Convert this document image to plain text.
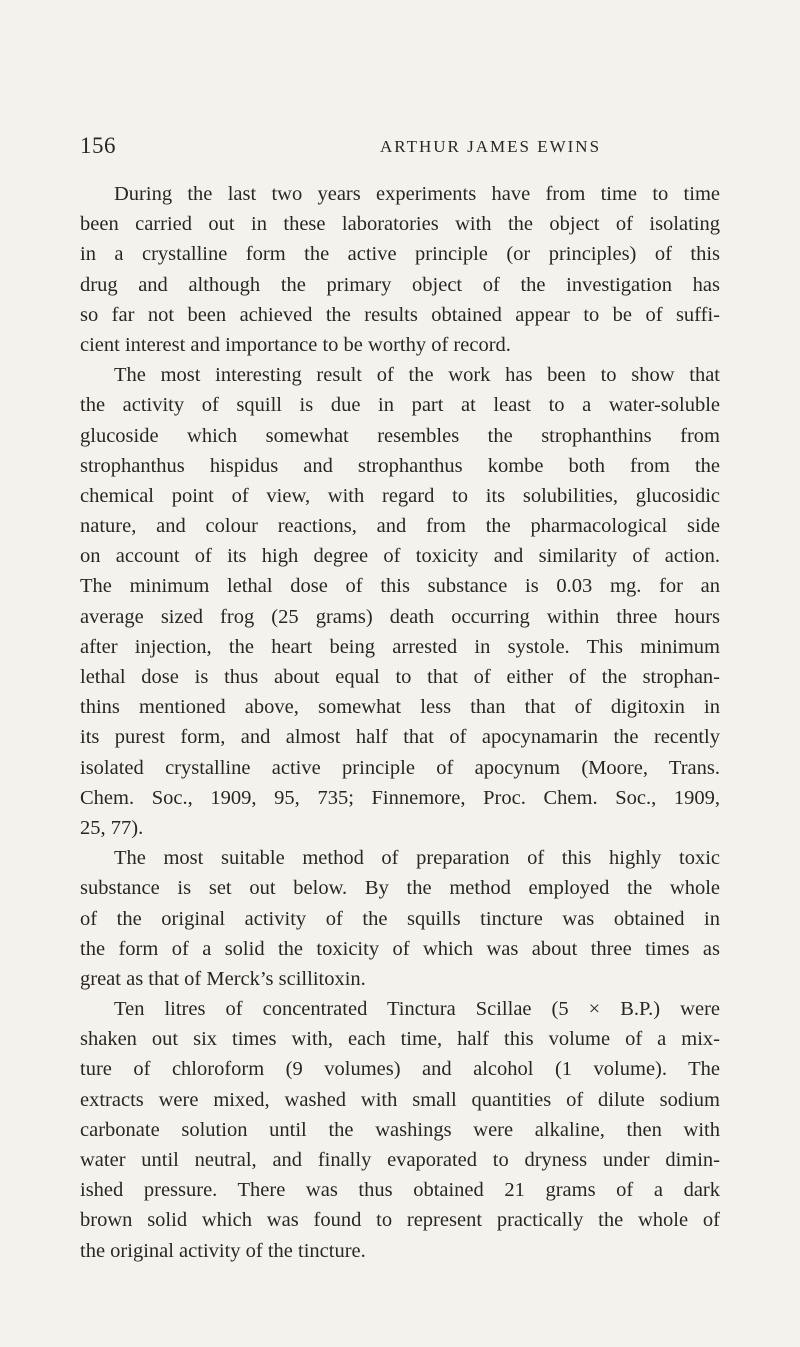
156	ARTHUR JAMES EWINS
During the last two years experiments have from time to time
been carried out in these laboratories with the object of isolating
in a crystalline form the active principle (or principles) of this
drug and although the primary object of the investigation has
so far not been achieved the results obtained appear to be of suffi-
cient interest and importance to be worthy of record.
The most interesting result of the work has been to show that
the activity of squill is due in part at least to a water-soluble
glucoside which somewhat resembles the strophanthins from
strophanthus hispidus and strophanthus kombe both from the
chemical point of view, with regard to its solubilities, glucosidic
nature, and colour reactions, and from the pharmacological side
on account of its high degree of toxicity and similarity of action.
The minimum lethal dose of this substance is 0.03 mg. for an
average sized frog (25 grams) death occurring within three hours
after injection, the heart being arrested in systole. This minimum
lethal dose is thus about equal to that of either of the strophan-
thins mentioned above, somewhat less than that of digitoxin in
its purest form, and almost half that of apocynamarin the recently
isolated crystalline active principle of apocynum (Moore, Trans.
Chem. Soc., 1909, 95, 735; Finnemore, Proc. Chem. Soc., 1909,
25, 77).
The most suitable method of preparation of this highly toxic
substance is set out below. By the method employed the whole
of the original activity of the squills tincture was obtained in
the form of a solid the toxicity of which was about three times as
great as that of Merck’s scillitoxin.
Ten litres of concentrated Tinctura Scillae (5 × B.P.) were
shaken out six times with, each time, half this volume of a mix-
ture of chloroform (9 volumes) and alcohol (1 volume). The
extracts were mixed, washed with small quantities of dilute sodium
carbonate solution until the washings were alkaline, then with
water until neutral, and finally evaporated to dryness under dimin-
ished pressure. There was thus obtained 21 grams of a dark
brown solid which was found to represent practically the whole of
the original activity of the tincture.
